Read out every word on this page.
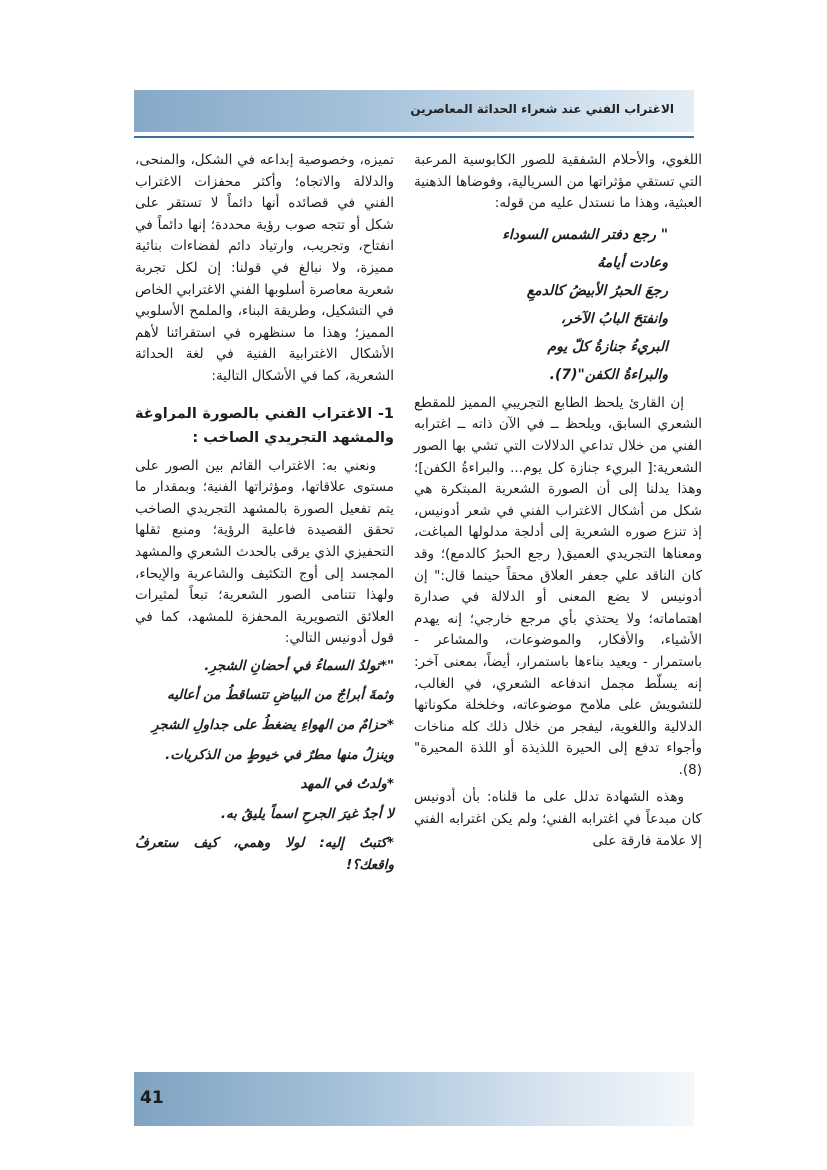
الاغتراب الفني عند شعراء الحداثة المعاصرين

اللغوي، والأحلام الشفقية للصور الكابوسية المرعبة التي تستقي مؤثراتها من السريالية، وفوضاها الذهنية العبثية، وهذا ما نستدل عليه من قوله:

" رجع دفتر الشمس السوداء
وعادت أيامهُ
رجعَ الحبرُ الأبيضُ كالدمعِ
وانفتحَ البابُ الآخر،
البريءُ جنازةُ كلّ يوم
والبراءةُ الكفن"(7).

إن القارئ يلحظ الطابع التجريبي المميز للمقطع الشعري السابق، ويلحظ ــ في الآن ذاته ــ اغترابه الفني من خلال تداعي الدلالات التي تشي بها الصور الشعرية:[ البريء جنازة كل يوم... والبراءةُ الكفن]؛ وهذا يدلنا إلى أن الصورة الشعرية المبتكرة هي شكل من أشكال الاغتراب الفني في شعر أدونيس، إذ تنزع صوره الشعرية إلى أدلجة مدلولها المباغت، ومعناها التجريدي العميق( رجع الحبرُ كالدمع)؛ وقد كان الناقد علي جعفر العلاق محقاً حينما قال:" إن أدونيس لا يضع المعنى أو الدلالة في صدارة اهتماماته؛ ولا يحتذي بأي مرجع خارجي؛ إنه يهدم الأشياء، والأفكار، والموضوعات، والمشاعر - باستمرار - ويعيد بناءها باستمرار، أيضاً، بمعنى آخر: إنه يسلّط مجمل اندفاعه الشعري، في الغالب، للتشويش على ملامح موضوعاته، وخلخلة مكوناتها الدلالية واللغوية، ليفجر من خلال ذلك كله مناخات وأجواء تدفع إلى الحيرة اللذيذة أو اللذة المحيرة"(8).

وهذه الشهادة تدلل على ما قلناه: بأن أدونيس كان مبدعاً في اغترابه الفني؛ ولم يكن اغترابه الفني إلا علامة فارقة على

تميزه، وخصوصية إبداعه في الشكل، والمنحى، والدلالة والاتجاه؛ وأكثر محفزات الاغتراب الفني في قصائده أنها دائماً لا تستقر على شكل أو تتجه صوب رؤية محددة؛ إنها دائماً في انفتاح، وتجريب، وارتياد دائم لفضاءات بنائية مميزة، ولا نبالغ في قولنا: إن لكل تجربة شعرية معاصرة أسلوبها الفني الاغترابي الخاص في التشكيل، وطريقة البناء، والملمح الأسلوبي المميز؛ وهذا ما سنظهره في استقرائنا لأهم الأشكال الاغترابية الفنية في لغة الحداثة الشعرية، كما في الأشكال التالية:

1- الاغتراب الفني بالصورة المراوغة والمشهد التجريدي الصاخب :

ونعني به: الاغتراب القائم بين الصور على مستوى علاقاتها، ومؤثراتها الفنية؛ وبمقدار ما يتم تفعيل الصورة بالمشهد التجريدي الصاخب تحقق القصيدة فاعلية الرؤية؛ ومنبع ثقلها التحفيزي الذي يرقى بالحدث الشعري والمشهد المجسد إلى أوج التكثيف والشاعرية والإيحاء، ولهذا تتنامى الصور الشعرية؛ تبعاً لمثيرات العلائق التصويرية المحفزة للمشهد، كما في قول أدونيس التالي:

"*تولدُ السماءُ في أحضانِ الشجرِ.
وثمةَ أبراجٌ من البياضِ تتساقطُ من أعاليه
*حزامٌ من الهواءِ يضغطُ على جداولِ الشجرِ
وينزلُ منها مطرٌ في خيوطٍ من الذكريات.
*ولدتُ في المهد
لا أجدُ غيرَ الجرحِ اسماً يليقُ به.
*كتبتُ إليه: لولا وهمي، كيف ستعرفُ واقعك؟!
41
